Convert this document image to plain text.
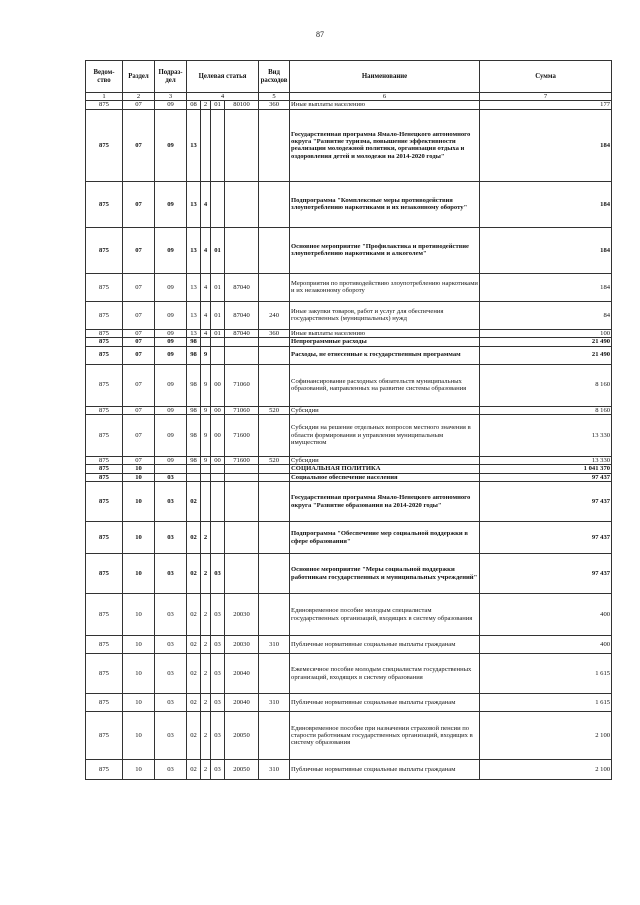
87
Ведом-ство	Раздел	Подраз-дел	Целевая статья				Вид расходов	Наименование	Сумма
1	2	3	4				5	6	7
875	07	09	08	2	01	80100	360	Иные выплаты населению	177
875	07	09	13					Государственная программа Ямало-Ненецкого автономного округа "Развитие туризма, повышение эффективности реализации молодежной политики, организация отдыха и оздоровления детей и молодежи на 2014-2020 годы"	184
875	07	09	13	4				Подпрограмма "Комплексные меры противодействия злоупотреблению наркотиками и их незаконному обороту"	184
875	07	09	13	4	01			Основное мероприятие "Профилактика и противодействие злоупотреблению наркотиками и алкоголем"	184
875	07	09	13	4	01	87040		Мероприятия по противодействию злоупотреблению наркотиками и их незаконному обороту	184
875	07	09	13	4	01	87040	240	Иные закупки товаров, работ и услуг для обеспечения государственных (муниципальных) нужд	84
875	07	09	13	4	01	87040	360	Иные выплаты населению	100
875	07	09	98					Непрограммные расходы	21 490
875	07	09	98	9				Расходы, не отнесенные к государственным программам	21 490
875	07	09	98	9	00	71060		Софинансирование расходных обязательств муниципальных образований, направленных на развитие системы образования	8 160
875	07	09	98	9	00	71060	520	Субсидии	8 160
875	07	09	98	9	00	71600		Субсидии на решение отдельных вопросов местного значения в области формирования и управления муниципальным имуществом	13 330
875	07	09	98	9	00	71600	520	Субсидии	13 330
875	10							СОЦИАЛЬНАЯ ПОЛИТИКА	1 041 370
875	10	03						Социальное обеспечение населения	97 437
875	10	03	02					Государственная программа Ямало-Ненецкого автономного округа "Развитие образования на 2014-2020 годы"	97 437
875	10	03	02	2				Подпрограмма "Обеспечение мер социальной поддержки в сфере образования"	97 437
875	10	03	02	2	03			Основное мероприятие "Меры социальной поддержки работникам государственных и муниципальных учреждений"	97 437
875	10	03	02	2	03	20030		Единовременное пособие молодым специалистам государственных организаций, входящих в систему образования	400
875	10	03	02	2	03	20030	310	Публичные нормативные социальные выплаты гражданам	400
875	10	03	02	2	03	20040		Ежемесячное пособие молодым специалистам государственных организаций, входящих в систему образования	1 615
875	10	03	02	2	03	20040	310	Публичные нормативные социальные выплаты гражданам	1 615
875	10	03	02	2	03	20050		Единовременное пособие при назначении страховой пенсии по старости работникам государственных организаций, входящих в систему образования	2 100
875	10	03	02	2	03	20050	310	Публичные нормативные социальные выплаты гражданам	2 100
